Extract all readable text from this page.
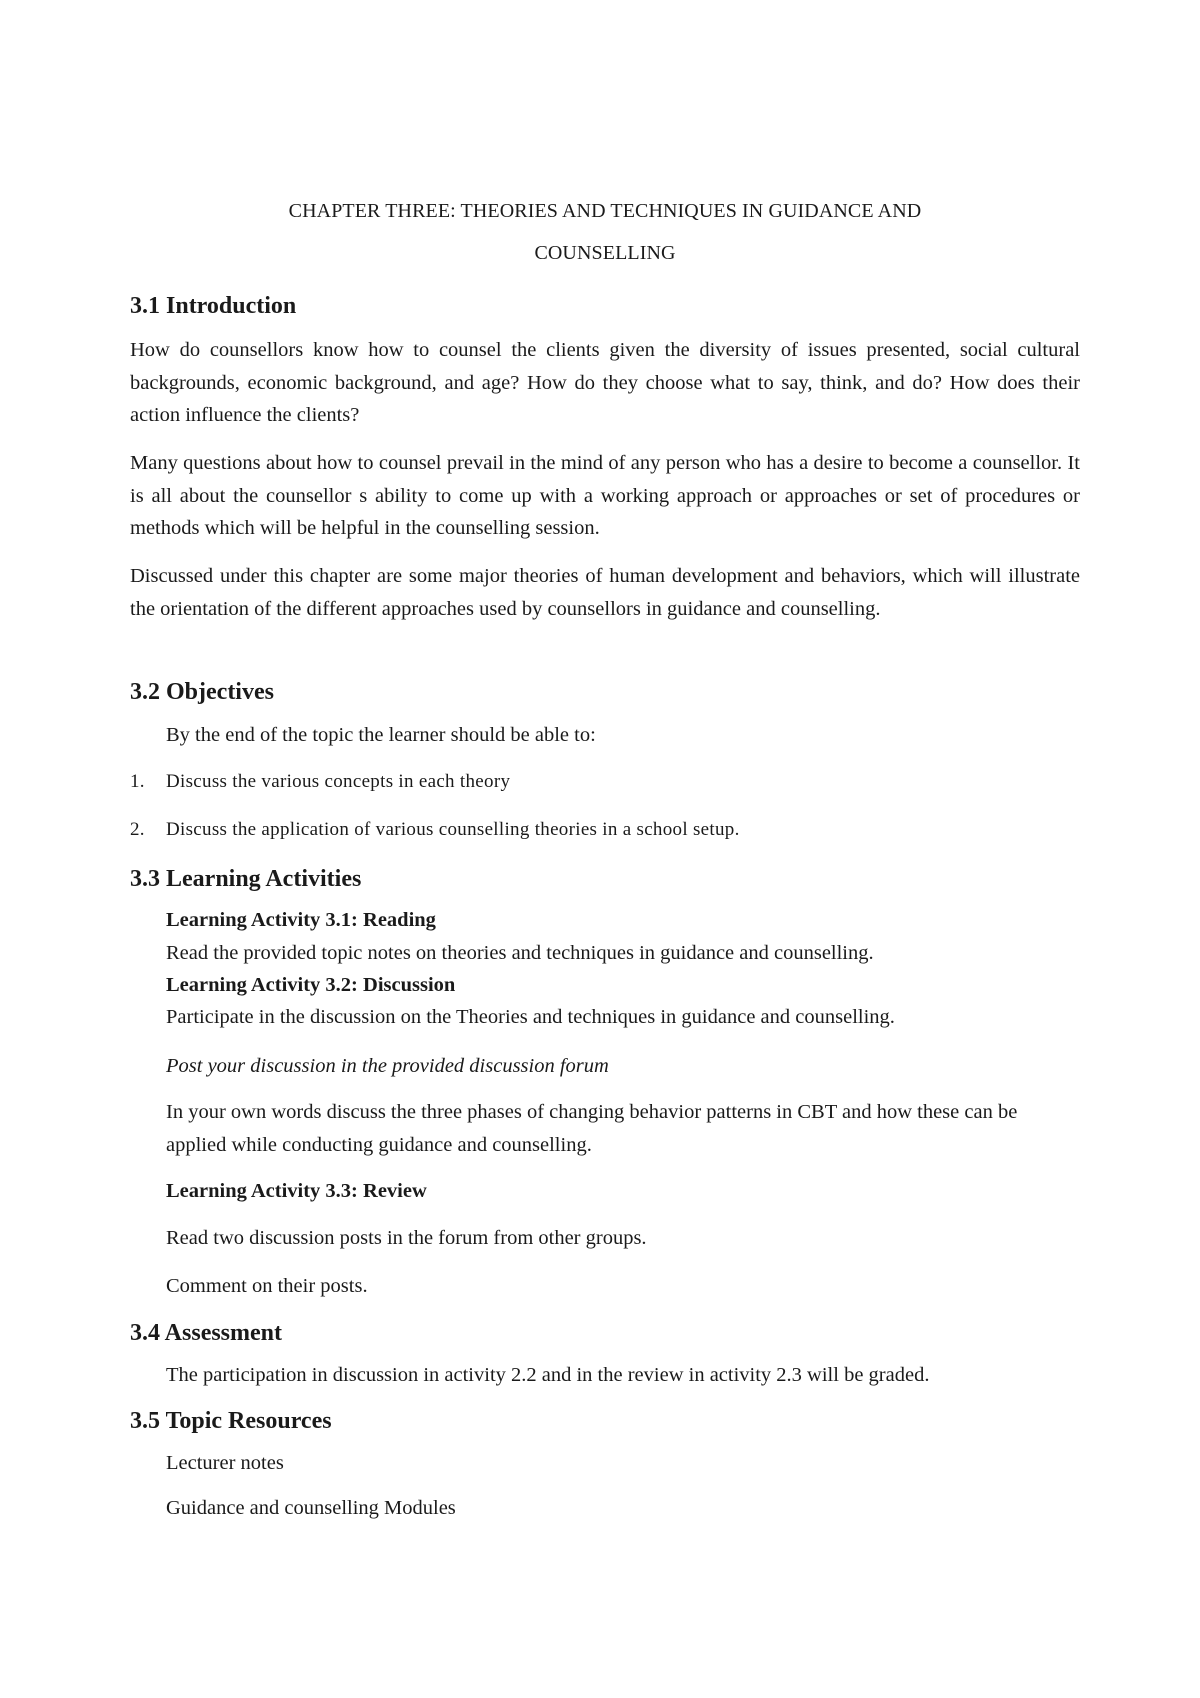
CHAPTER THREE: THEORIES AND TECHNIQUES IN GUIDANCE AND
COUNSELLING
3.1 Introduction

How do counsellors know how to counsel the clients given the diversity of issues presented, social cultural backgrounds, economic background, and age? How do they choose what to say, think, and do? How does their action influence the clients?

Many questions about how to counsel prevail in the mind of any person who has a desire to become a counsellor. It is all about the counsellor s ability to come up with a working approach or approaches or set of procedures or methods which will be helpful in the counselling session.

Discussed under this chapter are some major theories of human development and behaviors, which will illustrate the orientation of the different approaches used by counsellors in guidance and counselling.

3.2 Objectives

By the end of the topic the learner should be able to:

1. Discuss the various concepts in each theory
2. Discuss the application of various counselling theories in a school setup.
3.3 Learning Activities

Learning Activity 3.1: Reading

Read the provided topic notes on theories and techniques in guidance and counselling.

Learning Activity 3.2: Discussion

Participate in the discussion on the Theories and techniques in guidance and counselling.

Post your discussion in the provided discussion forum

In your own words discuss the three phases of changing behavior patterns in CBT and how these can be applied while conducting guidance and counselling.

Learning Activity 3.3: Review

Read two discussion posts in the forum from other groups.

Comment on their posts.

3.4 Assessment

The participation in discussion in activity 2.2 and in the review in activity 2.3 will be graded.

3.5 Topic Resources

Lecturer notes

Guidance and counselling Modules
